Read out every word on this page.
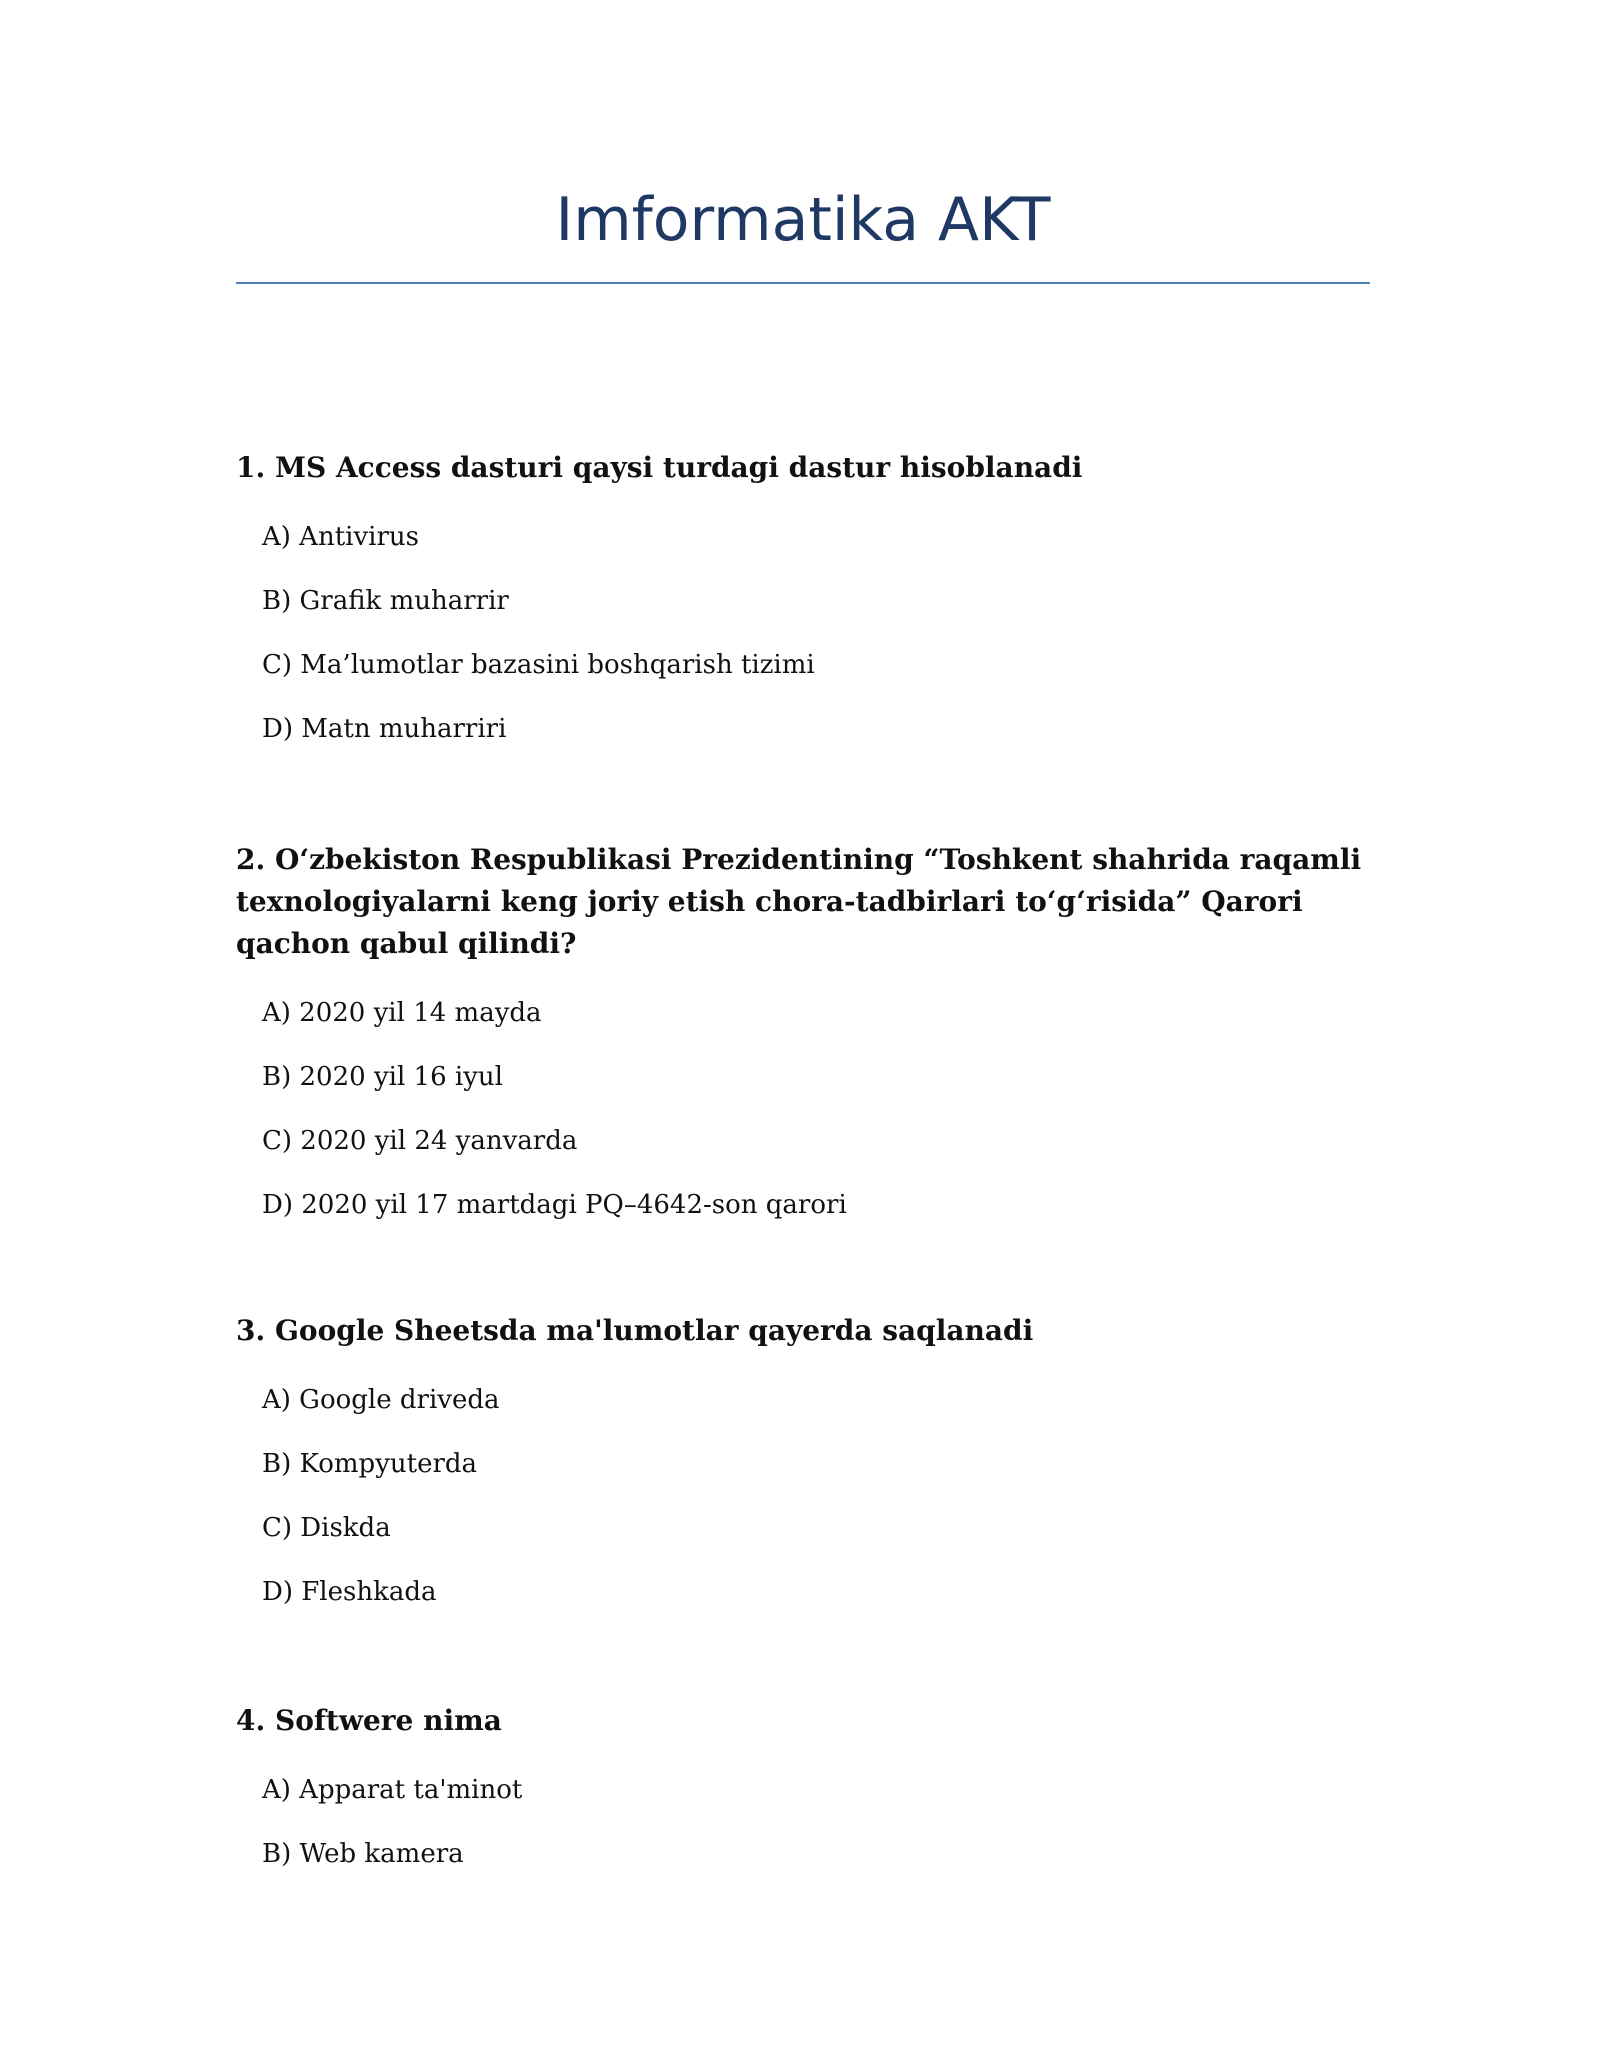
Imformatika AKT

1. MS Access dasturi qaysi turdagi dastur hisoblanadi

A) Antivirus
B) Grafik muharrir
C) Ma’lumotlar bazasini boshqarish tizimi
D) Matn muharriri

2. O‘zbekiston Respublikasi Prezidentining “Toshkent shahrida raqamli texnologiyalarni keng joriy etish chora-tadbirlari to‘g‘risida” Qarori qachon qabul qilindi?

A) 2020 yil 14 mayda
B) 2020 yil 16 iyul
C) 2020 yil 24 yanvarda
D) 2020 yil 17 martdagi PQ–4642-son qarori

3. Google Sheetsda ma'lumotlar qayerda saqlanadi

A) Google driveda
B) Kompyuterda
C) Diskda
D) Fleshkada

4. Softwere nima

A) Apparat ta'minot
B) Web kamera
